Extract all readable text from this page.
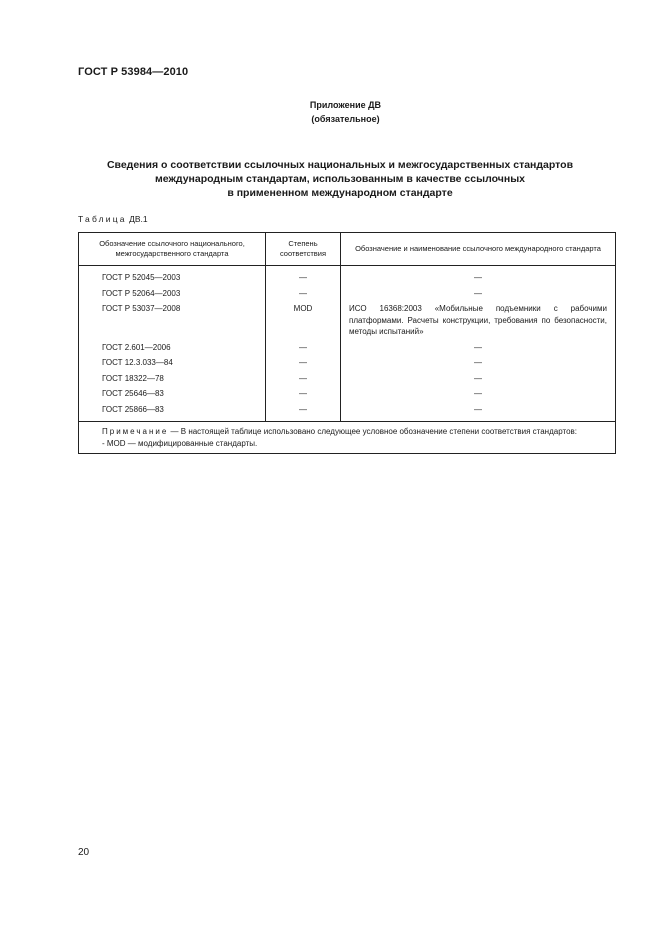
ГОСТ Р 53984—2010
Приложение ДВ
(обязательное)
Сведения о соответствии ссылочных национальных и межгосударственных стандартов
международным стандартам, использованным в качестве ссылочных
в примененном международном стандарте
Таблица ДВ.1
Обозначение ссылочного национального, межгосударственного стандарта	Степень соответствия	Обозначение и наименование ссылочного международного стандарта
ГОСТ Р 52045—2003	—	—
ГОСТ Р 52064—2003	—	—
ГОСТ Р 53037—2008	MOD	ИСО 16368:2003 «Мобильные подъемники с рабочими платформами. Расчеты конструкции, требования по безопасности, методы испытаний»
ГОСТ 2.601—2006	—	—
ГОСТ 12.3.033—84	—	—
ГОСТ 18322—78	—	—
ГОСТ 25646—83	—	—
ГОСТ 25866—83	—	—

Примечание — В настоящей таблице использовано следующее условное обозначение степени соответствия стандартов:
- MOD — модифицированные стандарты.		
20
